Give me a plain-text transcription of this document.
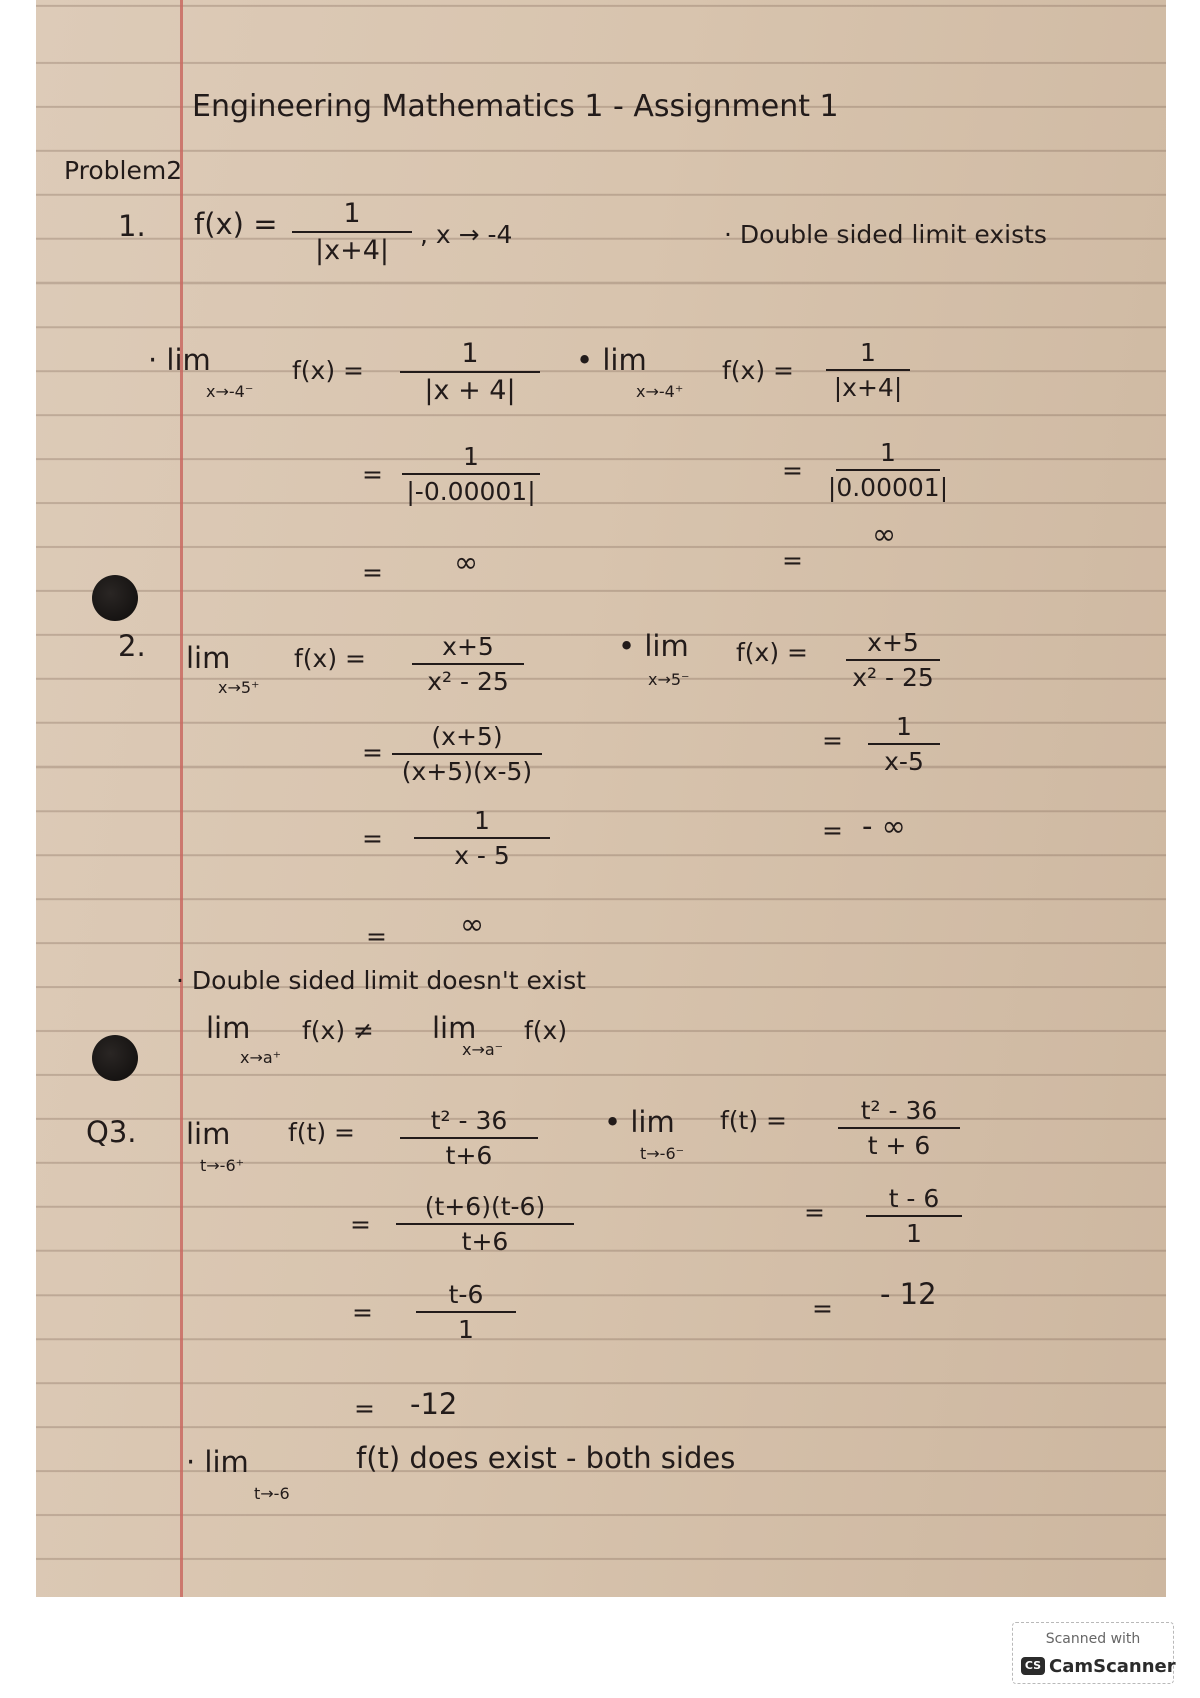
Engineering Mathematics 1 - Assignment 1

Problem2

1. f(x) = 1
|x+4|

, x → -4	· Double sided limit exists

· lim

x→-4⁻

f(x) =

1
|x + 4|

=

1
|-0.00001|

= ∞

• lim

x→-4⁺

f(x) =

1
|x+4|

=

1
|0.00001|

=

∞

2. lim

x→5⁺

f(x) =	x+5
x² - 25

=

(x+5)
(x+5)(x-5)

=

1
x - 5

=	∞

• lim

x→5⁻

f(x) = x+5
x² - 25

= 1
x-5

= - ∞

· Double sided limit doesn't exist

lim

x→a⁺

f(x) ≠ lim

x→a⁻

f(x)

Q3. lim

t→-6⁺

f(t) =	t² - 36
t+6

=

(t+6)(t-6)
t+6

=

t-6
1

= -12

• lim

t→-6⁻

f(t) =	t² - 36
t + 6

=	t - 6
1

= - 12

· lim

t→-6

f(t) does exist - both sides

Scanned with
CS CamScanner
